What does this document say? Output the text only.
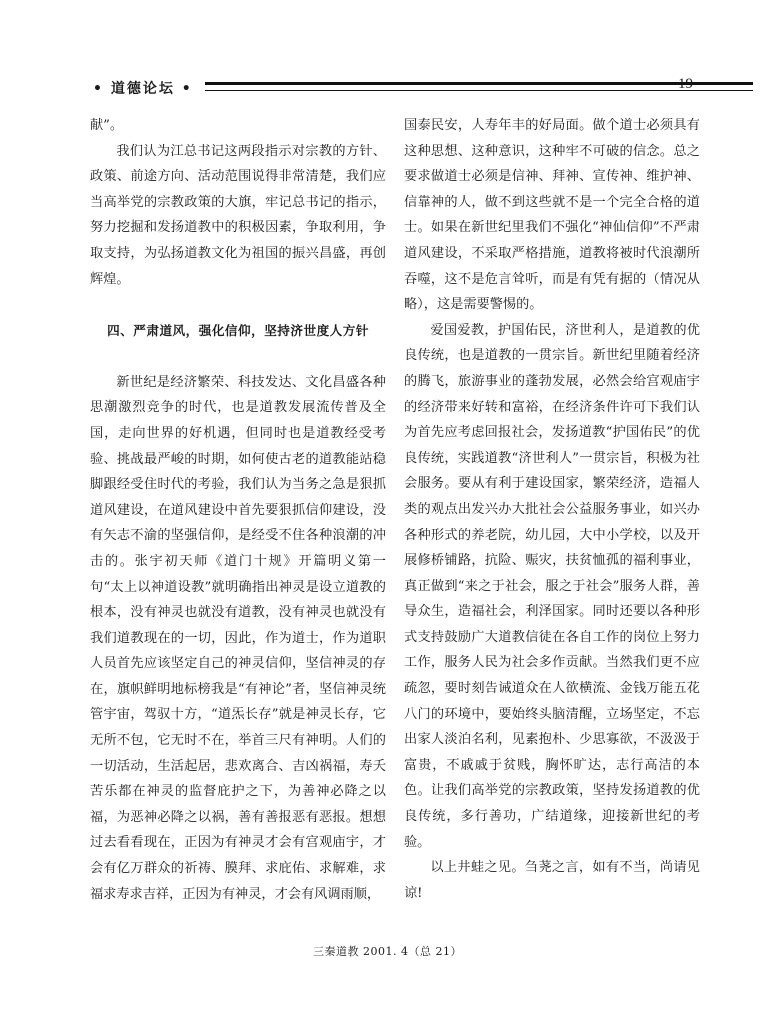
• 道德论坛 •	19

献”。

我们认为江总书记这两段指示对宗教的方针、政策、前途方向、活动范围说得非常清楚，我们应当高举党的宗教政策的大旗，牢记总书记的指示，努力挖掘和发扬道教中的积极因素，争取利用，争取支持，为弘扬道教文化为祖国的振兴昌盛，再创辉煌。

四、严肃道风，强化信仰，坚持济世度人方针

新世纪是经济繁荣、科技发达、文化昌盛各种思潮激烈竞争的时代，也是道教发展流传普及全国，走向世界的好机遇，但同时也是道教经受考验、挑战最严峻的时期，如何使古老的道教能站稳脚跟经受住时代的考验，我们认为当务之急是狠抓道风建设，在道风建设中首先要狠抓信仰建设，没有矢志不渝的坚强信仰，是经受不住各种浪潮的冲击的。张宇初天师《道门十规》开篇明义第一句“太上以神道设教”就明确指出神灵是设立道教的根本，没有神灵也就没有道教，没有神灵也就没有我们道教现在的一切，因此，作为道士，作为道职人员首先应该坚定自己的神灵信仰，坚信神灵的存在，旗帜鲜明地标榜我是“有神论”者，坚信神灵统管宇宙，驾驭十方，“道炁长存”就是神灵长存，它无所不包，它无时不在，举首三尺有神明。人们的一切活动，生活起居，悲欢离合、吉凶祸福，寿夭苦乐都在神灵的监督庇护之下，为善神必降之以福，为恶神必降之以祸，善有善报恶有恶报。想想过去看看现在，正因为有神灵才会有宫观庙宇，才会有亿万群众的祈祷、膜拜、求庇佑、求解难，求福求寿求吉祥，正因为有神灵，才会有风调雨顺，

国泰民安，人寿年丰的好局面。做个道士必须具有这种思想、这种意识，这种牢不可破的信念。总之要求做道士必须是信神、拜神、宣传神、维护神、信靠神的人，做不到这些就不是一个完全合格的道士。如果在新世纪里我们不强化“神仙信仰”不严肃道风建设，不采取严格措施，道教将被时代浪潮所吞噬，这不是危言耸听，而是有凭有据的（情况从略），这是需要警惕的。

爱国爱教，护国佑民，济世利人，是道教的优良传统，也是道教的一贯宗旨。新世纪里随着经济的腾飞，旅游事业的蓬勃发展，必然会给宫观庙宇的经济带来好转和富裕，在经济条件许可下我们认为首先应考虑回报社会，发扬道教“护国佑民”的优良传统，实践道教“济世利人”一贯宗旨，积极为社会服务。要从有利于建设国家，繁荣经济，造福人类的观点出发兴办大批社会公益服务事业，如兴办各种形式的养老院，幼儿园，大中小学校，以及开展修桥铺路，抗险、赈灾，扶贫恤孤的福利事业，真正做到“来之于社会，服之于社会”服务人群，善导众生，造福社会，利泽国家。同时还要以各种形式支持鼓励广大道教信徒在各自工作的岗位上努力工作，服务人民为社会多作贡献。当然我们更不应疏忽，要时刻告诫道众在人欲横流、金钱万能五花八门的环境中，要始终头脑清醒，立场坚定，不忘出家人淡泊名利，见素抱朴、少思寡欲，不汲汲于富贵，不戚戚于贫贱，胸怀旷达，志行高洁的本色。让我们高举党的宗教政策，坚持发扬道教的优良传统，多行善功，广结道缘，迎接新世纪的考验。

以上井蛙之见。刍荛之言，如有不当，尚请见谅!

三秦道教 2001. 4（总 21）
